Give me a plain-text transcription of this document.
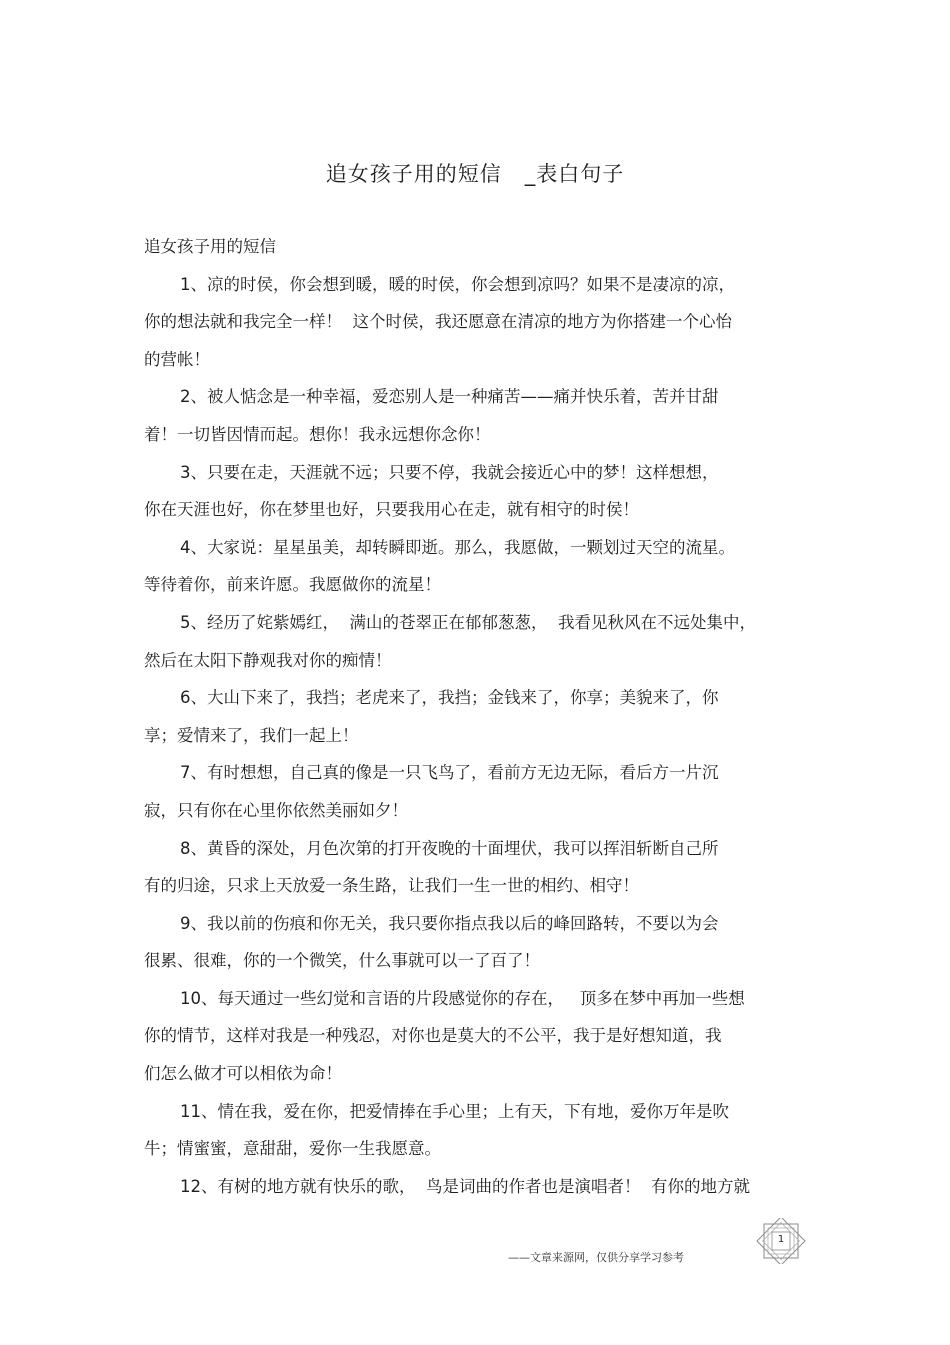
追女孩子用的短信   _表白句子

追女孩子用的短信

1、凉的时侯，你会想到暖，暖的时侯，你会想到凉吗？如果不是凄凉的凉，

你的想法就和我完全一样！  这个时侯，我还愿意在清凉的地方为你搭建一个心怡

的营帐！

2、被人惦念是一种幸福，爱恋别人是一种痛苦——痛并快乐着，苦并甘甜

着！一切皆因情而起。想你！我永远想你念你！

3、只要在走，天涯就不远；只要不停，我就会接近心中的梦！这样想想，

你在天涯也好，你在梦里也好，只要我用心在走，就有相守的时侯！

4、大家说：星星虽美，却转瞬即逝。那么，我愿做，一颗划过天空的流星。

等待着你，前来许愿。我愿做你的流星！

5、经历了姹紫嫣红，  满山的苍翠正在郁郁葱葱，  我看见秋风在不远处集中，

然后在太阳下静观我对你的痴情！

6、大山下来了，我挡；老虎来了，我挡；金钱来了，你享；美貌来了，你

享；爱情来了，我们一起上！

7、有时想想，自己真的像是一只飞鸟了，看前方无边无际，看后方一片沉

寂，只有你在心里你依然美丽如夕！

8、黄昏的深处，月色次第的打开夜晚的十面埋伏，我可以挥泪斩断自己所

有的归途，只求上天放爱一条生路，让我们一生一世的相约、相守！

9、我以前的伤痕和你无关，我只要你指点我以后的峰回路转，不要以为会

很累、很难，你的一个微笑，什么事就可以一了百了！

10、每天通过一些幻觉和言语的片段感觉你的存在，   顶多在梦中再加一些想

你的情节，这样对我是一种残忍，对你也是莫大的不公平，我于是好想知道，我

们怎么做才可以相依为命！

11、情在我，爱在你，把爱情捧在手心里；上有天，下有地，爱你万年是吹

牛；情蜜蜜，意甜甜，爱你一生我愿意。

12、有树的地方就有快乐的歌，  鸟是词曲的作者也是演唱者！  有你的地方就

——文章来源网，仅供分享学习参考
1
